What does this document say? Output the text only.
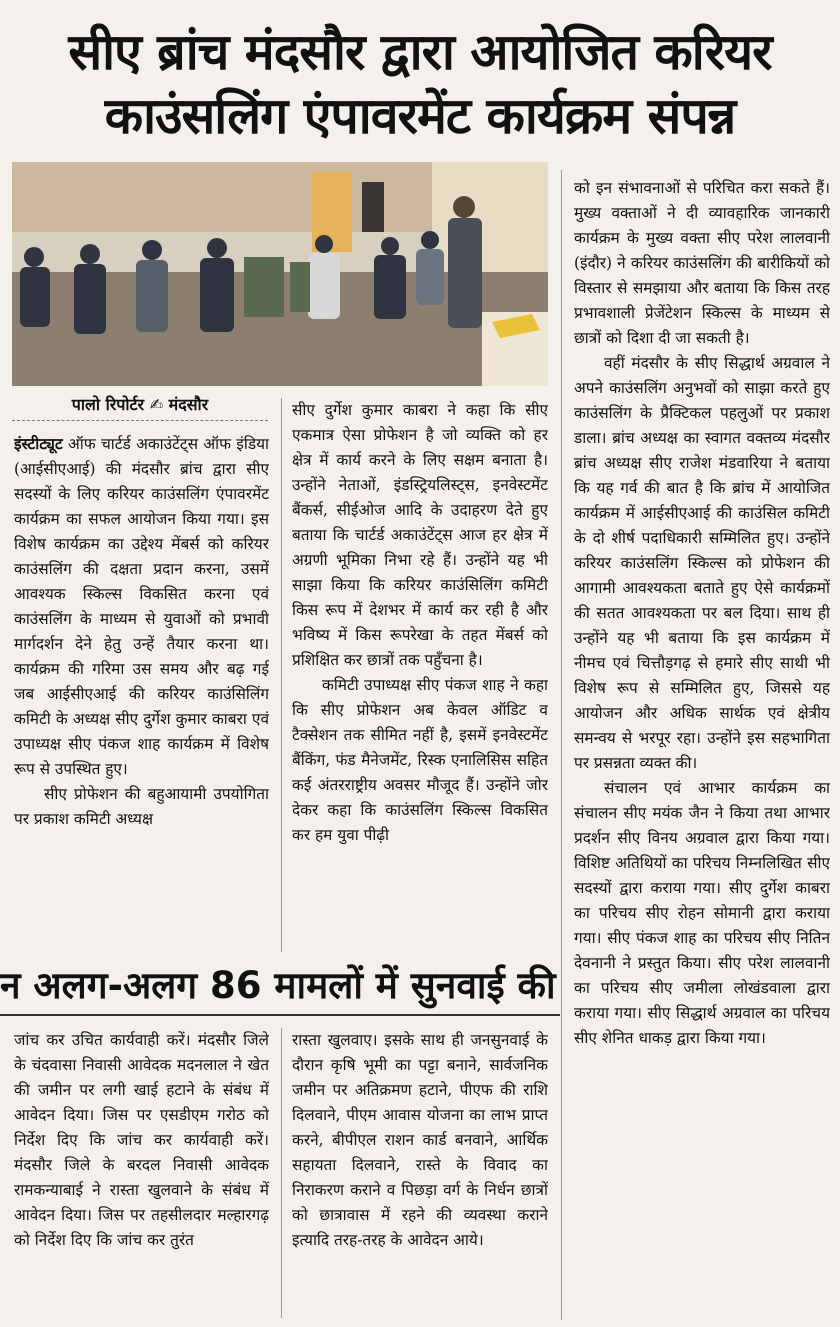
सीए ब्रांच मंदसौर द्वारा आयोजित करियर
काउंसलिंग एंपावरमेंट कार्यक्रम संपन्न
पालो रिपोर्टर ✍ मंदसौर

इंस्टीट्यूट ऑफ चार्टर्ड अकाउंटेंट्स ऑफ इंडिया (आईसीएआई) की मंदसौर ब्रांच द्वारा सीए सदस्यों के लिए करियर काउंसलिंग एंपावरमेंट कार्यक्रम का सफल आयोजन किया गया। इस विशेष कार्यक्रम का उद्देश्य मेंबर्स को करियर काउंसलिंग की दक्षता प्रदान करना, उसमें आवश्यक स्किल्स विकसित करना एवं काउंसलिंग के माध्यम से युवाओं को प्रभावी मार्गदर्शन देने हेतु उन्हें तैयार करना था। कार्यक्रम की गरिमा उस समय और बढ़ गई जब आईसीएआई की करियर काउंसिलिंग कमिटी के अध्यक्ष सीए दुर्गेश कुमार काबरा एवं उपाध्यक्ष सीए पंकज शाह कार्यक्रम में विशेष रूप से उपस्थित हुए।

सीए प्रोफेशन की बहुआयामी उपयोगिता पर प्रकाश कमिटी अध्यक्ष

सीए दुर्गेश कुमार काबरा ने कहा कि सीए एकमात्र ऐसा प्रोफेशन है जो व्यक्ति को हर क्षेत्र में कार्य करने के लिए सक्षम बनाता है। उन्होंने नेताओं, इंडस्ट्रियलिस्ट्स, इनवेस्टमेंट बैंकर्स, सीईओज आदि के उदाहरण देते हुए बताया कि चार्टर्ड अकाउंटेंट्स आज हर क्षेत्र में अग्रणी भूमिका निभा रहे हैं। उन्होंने यह भी साझा किया कि करियर काउंसिलिंग कमिटी किस रूप में देशभर में कार्य कर रही है और भविष्य में किस रूपरेखा के तहत मेंबर्स को प्रशिक्षित कर छात्रों तक पहुँचना है।

कमिटी उपाध्यक्ष सीए पंकज शाह ने कहा कि सीए प्रोफेशन अब केवल ऑडिट व टैक्सेशन तक सीमित नहीं है, इसमें इनवेस्टमेंट बैंकिंग, फंड मैनेजमेंट, रिस्क एनालिसिस सहित कई अंतरराष्ट्रीय अवसर मौजूद हैं। उन्होंने जोर देकर कहा कि काउंसलिंग स्किल्स विकसित कर हम युवा पीढ़ी

को इन संभावनाओं से परिचित करा सकते हैं। मुख्य वक्ताओं ने दी व्यावहारिक जानकारी कार्यक्रम के मुख्य वक्ता सीए परेश लालवानी (इंदौर) ने करियर काउंसलिंग की बारीकियों को विस्तार से समझाया और बताया कि किस तरह प्रभावशाली प्रेजेंटेशन स्किल्स के माध्यम से छात्रों को दिशा दी जा सकती है।

वहीं मंदसौर के सीए सिद्धार्थ अग्रवाल ने अपने काउंसलिंग अनुभवों को साझा करते हुए काउंसलिंग के प्रैक्टिकल पहलुओं पर प्रकाश डाला। ब्रांच अध्यक्ष का स्वागत वक्तव्य मंदसौर ब्रांच अध्यक्ष सीए राजेश मंडवारिया ने बताया कि यह गर्व की बात है कि ब्रांच में आयोजित कार्यक्रम में आईसीएआई की काउंसिल कमिटी के दो शीर्ष पदाधिकारी सम्मिलित हुए। उन्होंने करियर काउंसलिंग स्किल्स को प्रोफेशन की आगामी आवश्यकता बताते हुए ऐसे कार्यक्रमों की सतत आवश्यकता पर बल दिया। साथ ही उन्होंने यह भी बताया कि इस कार्यक्रम में नीमच एवं चित्तौड़गढ़ से हमारे सीए साथी भी विशेष रूप से सम्मिलित हुए, जिससे यह आयोजन और अधिक सार्थक एवं क्षेत्रीय समन्वय से भरपूर रहा। उन्होंने इस सहभागिता पर प्रसन्नता व्यक्त की।

संचालन एवं आभार कार्यक्रम का संचालन सीए मयंक जैन ने किया तथा आभार प्रदर्शन सीए विनय अग्रवाल द्वारा किया गया। विशिष्ट अतिथियों का परिचय निम्नलिखित सीए सदस्यों द्वारा कराया गया। सीए दुर्गेश काबरा का परिचय सीए रोहन सोमानी द्वारा कराया गया। सीए पंकज शाह का परिचय सीए नितिन देवनानी ने प्रस्तुत किया। सीए परेश लालवानी का परिचय सीए जमीला लोखंडवाला द्वारा कराया गया। सीए सिद्धार्थ अग्रवाल का परिचय सीए शेनित धाकड़ द्वारा किया गया।

न अलग-अलग 86 मामलों में सुनवाई की

जांच कर उचित कार्यवाही करें। मंदसौर जिले के चंदवासा निवासी आवेदक मदनलाल ने खेत की जमीन पर लगी खाई हटाने के संबंध में आवेदन दिया। जिस पर एसडीएम गरोठ को निर्देश दिए कि जांच कर कार्यवाही करें। मंदसौर जिले के बरदल निवासी आवेदक रामकन्याबाई ने रास्ता खुलवाने के संबंध में आवेदन दिया। जिस पर तहसीलदार मल्हारगढ़ को निर्देश दिए कि जांच कर तुरंत

रास्ता खुलवाए। इसके साथ ही जनसुनवाई के दौरान कृषि भूमी का पट्टा बनाने, सार्वजनिक जमीन पर अतिक्रमण हटाने, पीएफ की राशि दिलवाने, पीएम आवास योजना का लाभ प्राप्त करने, बीपीएल राशन कार्ड बनवाने, आर्थिक सहायता दिलवाने, रास्ते के विवाद का निराकरण कराने व पिछड़ा वर्ग के निर्धन छात्रों को छात्रावास में रहने की व्यवस्था कराने इत्यादि तरह-तरह के आवेदन आये।
